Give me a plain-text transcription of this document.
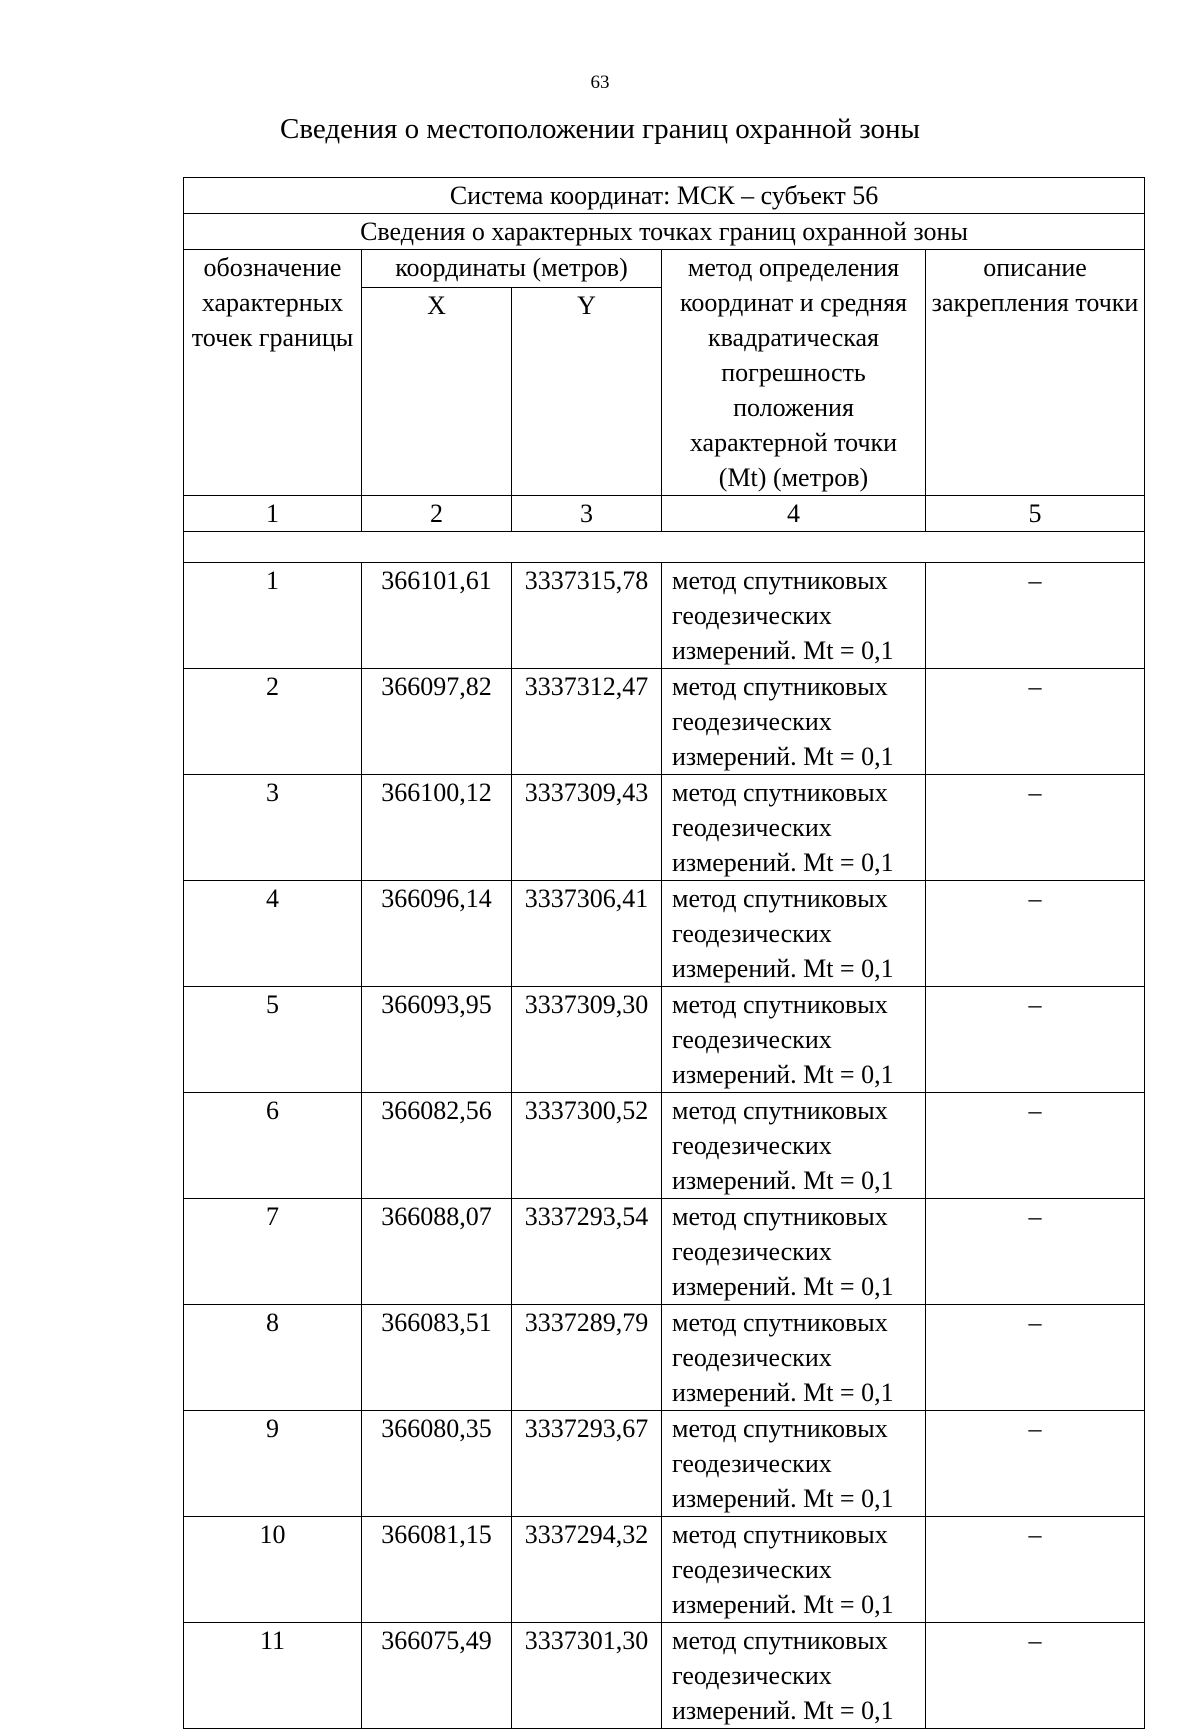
63
Сведения о местоположении границ охранной зоны
Система координат: МСК – субъект 56				
Сведения о характерных точках границ охранной зоны				
обозначение характерных точек границы	координаты (метров)		метод определения координат и средняя квадратическая погрешность положения характерной точки (Mt) (метров)	описание закрепления точки
	X	Y		
1	2	3	4	5

1	366101,61	3337315,78	метод спутниковых геодезических измерений. Mt = 0,1	–
2	366097,82	3337312,47	метод спутниковых геодезических измерений. Mt = 0,1	–
3	366100,12	3337309,43	метод спутниковых геодезических измерений. Mt = 0,1	–
4	366096,14	3337306,41	метод спутниковых геодезических измерений. Mt = 0,1	–
5	366093,95	3337309,30	метод спутниковых геодезических измерений. Mt = 0,1	–
6	366082,56	3337300,52	метод спутниковых геодезических измерений. Mt = 0,1	–
7	366088,07	3337293,54	метод спутниковых геодезических измерений. Mt = 0,1	–
8	366083,51	3337289,79	метод спутниковых геодезических измерений. Mt = 0,1	–
9	366080,35	3337293,67	метод спутниковых геодезических измерений. Mt = 0,1	–
10	366081,15	3337294,32	метод спутниковых геодезических измерений. Mt = 0,1	–
11	366075,49	3337301,30	метод спутниковых геодезических измерений. Mt = 0,1	–
